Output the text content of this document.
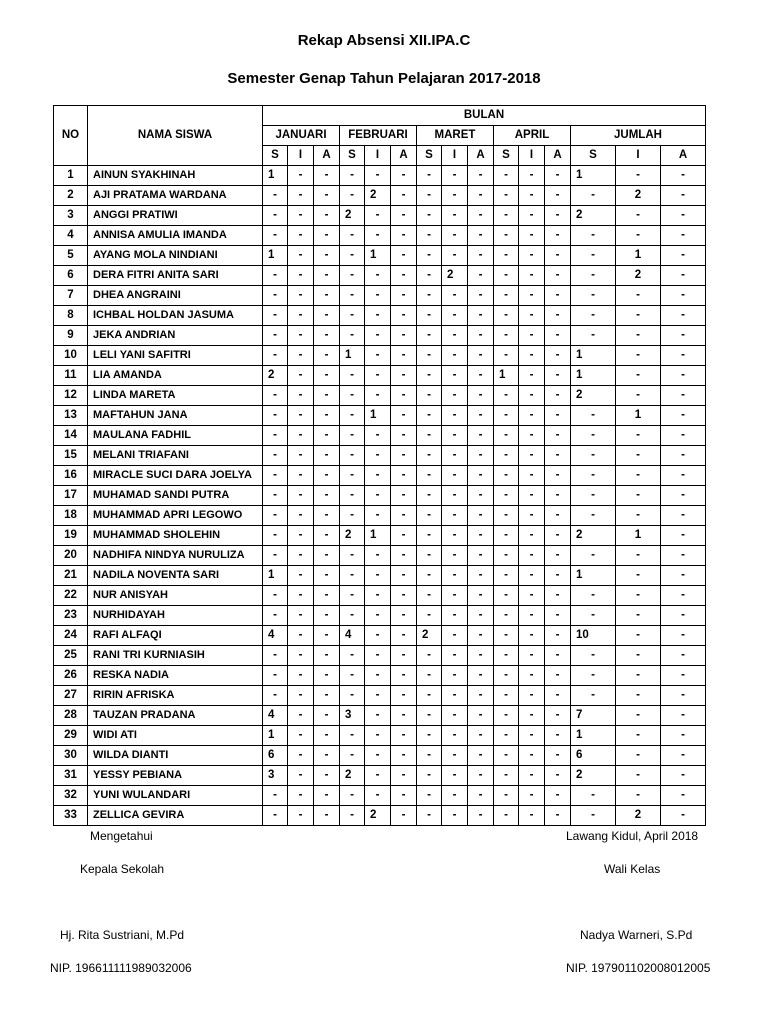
Rekap Absensi XII.IPA.C
Semester Genap Tahun Pelajaran 2017-2018
NO	NAMA SISWA	BULAN														
		JANUARI			FEBRUARI			MARET			APRIL			JUMLAH		
		S	I	A	S	I	A	S	I	A	S	I	A	S	I	A
1	AINUN SYAKHINAH	1	-	-	-	-	-	-	-	-	-	-	-	1	-	-
2	AJI PRATAMA WARDANA	-	-	-	-	2	-	-	-	-	-	-	-	-	2	-
3	ANGGI PRATIWI	-	-	-	2	-	-	-	-	-	-	-	-	2	-	-
4	ANNISA AMULIA IMANDA	-	-	-	-	-	-	-	-	-	-	-	-	-	-	-
5	AYANG MOLA NINDIANI	1	-	-	-	1	-	-	-	-	-	-	-	-	1	-
6	DERA FITRI ANITA SARI	-	-	-	-	-	-	-	2	-	-	-	-	-	2	-
7	DHEA ANGRAINI	-	-	-	-	-	-	-	-	-	-	-	-	-	-	-
8	ICHBAL HOLDAN JASUMA	-	-	-	-	-	-	-	-	-	-	-	-	-	-	-
9	JEKA ANDRIAN	-	-	-	-	-	-	-	-	-	-	-	-	-	-	-
10	LELI YANI SAFITRI	-	-	-	1	-	-	-	-	-	-	-	-	1	-	-
11	LIA AMANDA	2	-	-	-	-	-	-	-	-	1	-	-	1	-	-
12	LINDA MARETA	-	-	-	-	-	-	-	-	-	-	-	-	2	-	-
13	MAFTAHUN JANA	-	-	-	-	1	-	-	-	-	-	-	-	-	1	-
14	MAULANA FADHIL	-	-	-	-	-	-	-	-	-	-	-	-	-	-	-
15	MELANI TRIAFANI	-	-	-	-	-	-	-	-	-	-	-	-	-	-	-
16	MIRACLE SUCI DARA JOELYA	-	-	-	-	-	-	-	-	-	-	-	-	-	-	-
17	MUHAMAD SANDI PUTRA	-	-	-	-	-	-	-	-	-	-	-	-	-	-	-
18	MUHAMMAD APRI LEGOWO	-	-	-	-	-	-	-	-	-	-	-	-	-	-	-
19	MUHAMMAD SHOLEHIN	-	-	-	2	1	-	-	-	-	-	-	-	2	1	-
20	NADHIFA NINDYA NURULIZA	-	-	-	-	-	-	-	-	-	-	-	-	-	-	-
21	NADILA NOVENTA SARI	1	-	-	-	-	-	-	-	-	-	-	-	1	-	-
22	NUR ANISYAH	-	-	-	-	-	-	-	-	-	-	-	-	-	-	-
23	NURHIDAYAH	-	-	-	-	-	-	-	-	-	-	-	-	-	-	-
24	RAFI ALFAQI	4	-	-	4	-	-	2	-	-	-	-	-	10	-	-
25	RANI TRI KURNIASIH	-	-	-	-	-	-	-	-	-	-	-	-	-	-	-
26	RESKA NADIA	-	-	-	-	-	-	-	-	-	-	-	-	-	-	-
27	RIRIN AFRISKA	-	-	-	-	-	-	-	-	-	-	-	-	-	-	-
28	TAUZAN PRADANA	4	-	-	3	-	-	-	-	-	-	-	-	7	-	-
29	WIDI ATI	1	-	-	-	-	-	-	-	-	-	-	-	1	-	-
30	WILDA DIANTI	6	-	-	-	-	-	-	-	-	-	-	-	6	-	-
31	YESSY PEBIANA	3	-	-	2	-	-	-	-	-	-	-	-	2	-	-
32	YUNI WULANDARI	-	-	-	-	-	-	-	-	-	-	-	-	-	-	-
33	ZELLICA GEVIRA	-	-	-	-	2	-	-	-	-	-	-	-	-	2	-
Mengetahui	Lawang Kidul, April 2018
Kepala Sekolah	Wali Kelas
Hj. Rita Sustriani, M.Pd	Nadya Warneri, S.Pd
NIP. 196611111989032006	NIP. 197901102008012005
